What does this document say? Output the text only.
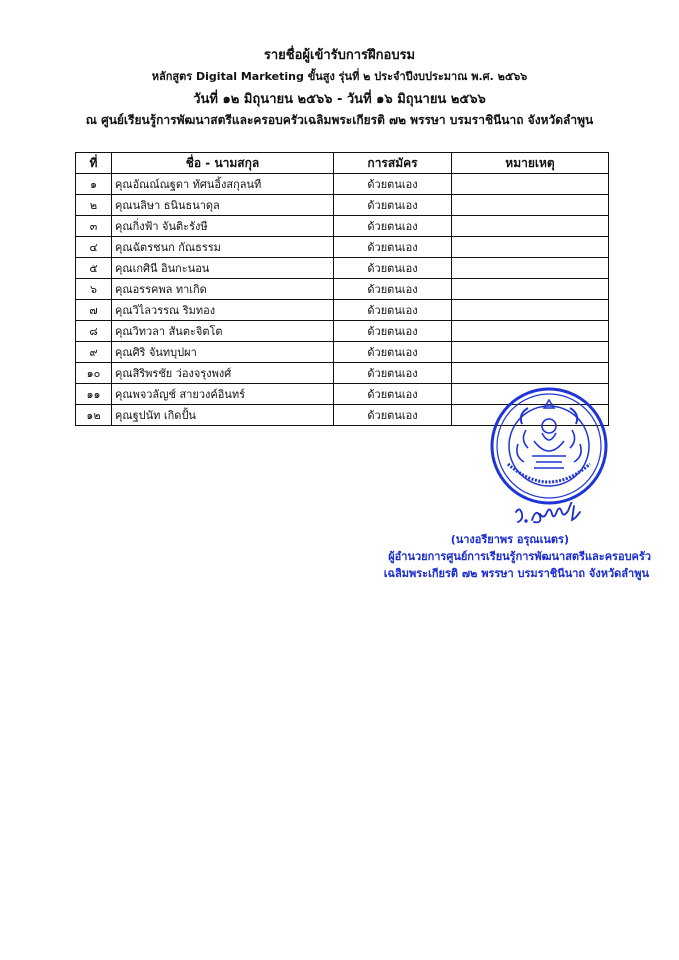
รายชื่อผู้เข้ารับการฝึกอบรม
หลักสูตร Digital Marketing ขั้นสูง รุ่นที่ ๒ ประจำปีงบประมาณ พ.ศ. ๒๕๖๖
วันที่ ๑๒ มิถุนายน ๒๕๖๖ - วันที่ ๑๖ มิถุนายน ๒๕๖๖
ณ ศูนย์เรียนรู้การพัฒนาสตรีและครอบครัวเฉลิมพระเกียรติ ๗๒ พรรษา บรมราชินีนาถ จังหวัดลำพูน
ที่	ชื่อ - นามสกุล	การสมัคร	หมายเหตุ
๑	คุณอัณณ์ณฐดา ทัศนอิ้งสกุลนที	ด้วยตนเอง	
๒	คุณนลิษา ธนินธนาดุล	ด้วยตนเอง	
๓	คุณกิ่งฟ้า จันติะรังษี	ด้วยตนเอง	
๔	คุณฉัตรชนก กัณธรรม	ด้วยตนเอง	
๕	คุณเกศินี อินกะนอน	ด้วยตนเอง	
๖	คุณอรรคพล ทาเกิด	ด้วยตนเอง	
๗	คุณวิไลวรรณ ริมทอง	ด้วยตนเอง	
๘	คุณวิทวลา สันตะจิตโต	ด้วยตนเอง	
๙	คุณศิริ จันทบุปผา	ด้วยตนเอง	
๑๐	คุณสิริพรชัย ว่องจรุงพงศ์	ด้วยตนเอง	
๑๑	คุณพจวลัญช์ สายวงค์อินทร์	ด้วยตนเอง	
๑๒	คุณฐปนัท เกิดปั้น	ด้วยตนเอง	
(นางอรียาพร อรุณเนตร)
ผู้อำนวยการศูนย์การเรียนรู้การพัฒนาสตรีและครอบครัว
เฉลิมพระเกียรติ ๗๒ พรรษา บรมราชินีนาถ จังหวัดลำพูน
